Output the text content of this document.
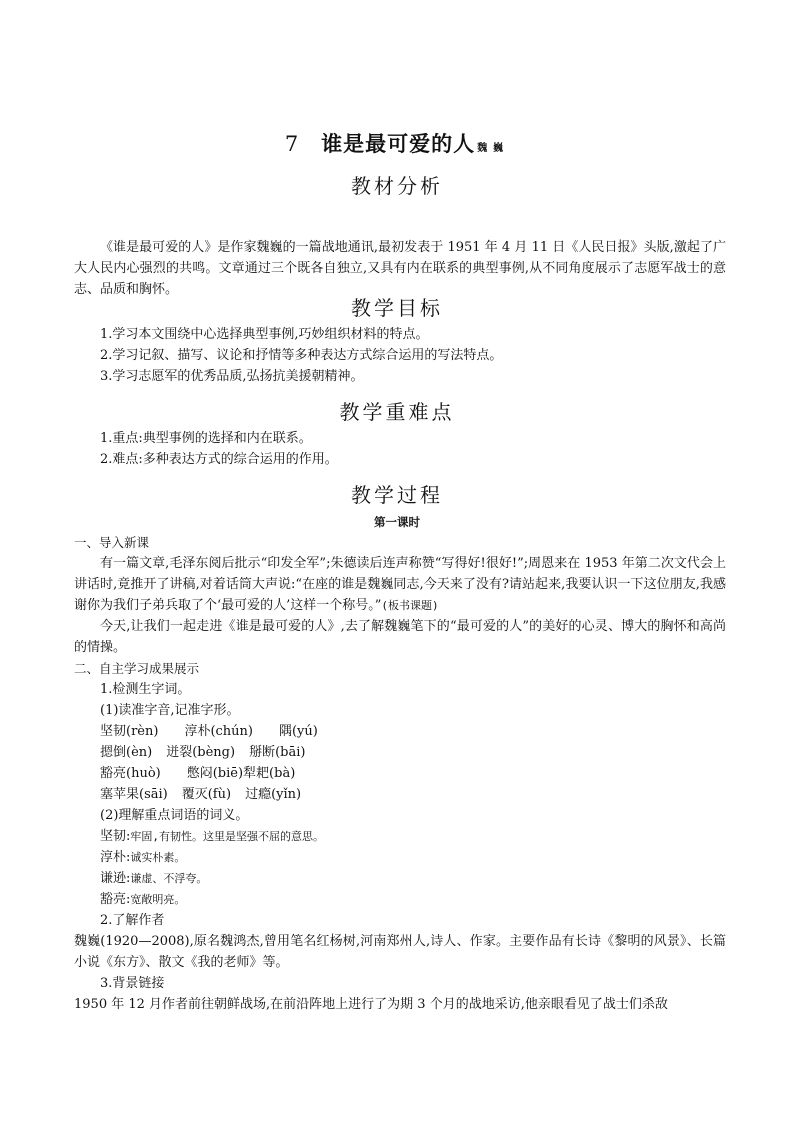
7 谁是最可爱的人 魏巍
教材分析
《谁是最可爱的人》是作家魏巍的一篇战地通讯,最初发表于 1951 年 4 月 11 日《人民日报》头版,激起了广大人民内心强烈的共鸣。文章通过三个既各自独立,又具有内在联系的典型事例,从不同角度展示了志愿军战士的意志、品质和胸怀。
教学目标
1.学习本文围绕中心选择典型事例,巧妙组织材料的特点。
2.学习记叙、描写、议论和抒情等多种表达方式综合运用的写法特点。
3.学习志愿军的优秀品质,弘扬抗美援朝精神。
教学重难点
1.重点:典型事例的选择和内在联系。
2.难点:多种表达方式的综合运用的作用。
教学过程
第一课时
一、导入新课
有一篇文章,毛泽东阅后批示“印发全军”;朱德读后连声称赞“写得好!很好!”;周恩来在 1953 年第二次文代会上讲话时,竟推开了讲稿,对着话筒大声说:“在座的谁是魏巍同志,今天来了没有?请站起来,我要认识一下这位朋友,我感谢你为我们子弟兵取了个‘最可爱的人’这样一个称号。”(板书课题)
今天,让我们一起走进《谁是最可爱的人》,去了解魏巍笔下的“最可爱的人”的美好的心灵、博大的胸怀和高尚的情操。
二、自主学习成果展示
1.检测生字词。
(1)读准字音,记准字形。
坚韧(rèn) 淳朴(chún) 隅(yú)
摁倒(èn) 迸裂(bèng) 掰断(bāi)
豁亮(huò) 憋闷(biē)犁耙(bà)
塞苹果(sāi) 覆灭(fù) 过瘾(yǐn)
(2)理解重点词语的词义。
坚韧:牢固,有韧性。这里是坚强不屈的意思。
淳朴:诚实朴素。
谦逊:谦虚、不浮夸。
豁亮:宽敞明亮。
2.了解作者
魏巍(1920—2008),原名魏鸿杰,曾用笔名红杨树,河南郑州人,诗人、作家。主要作品有长诗《黎明的风景》、长篇小说《东方》、散文《我的老师》等。
3.背景链接
1950 年 12 月作者前往朝鲜战场,在前沿阵地上进行了为期 3 个月的战地采访,他亲眼看见了战士们杀敌
